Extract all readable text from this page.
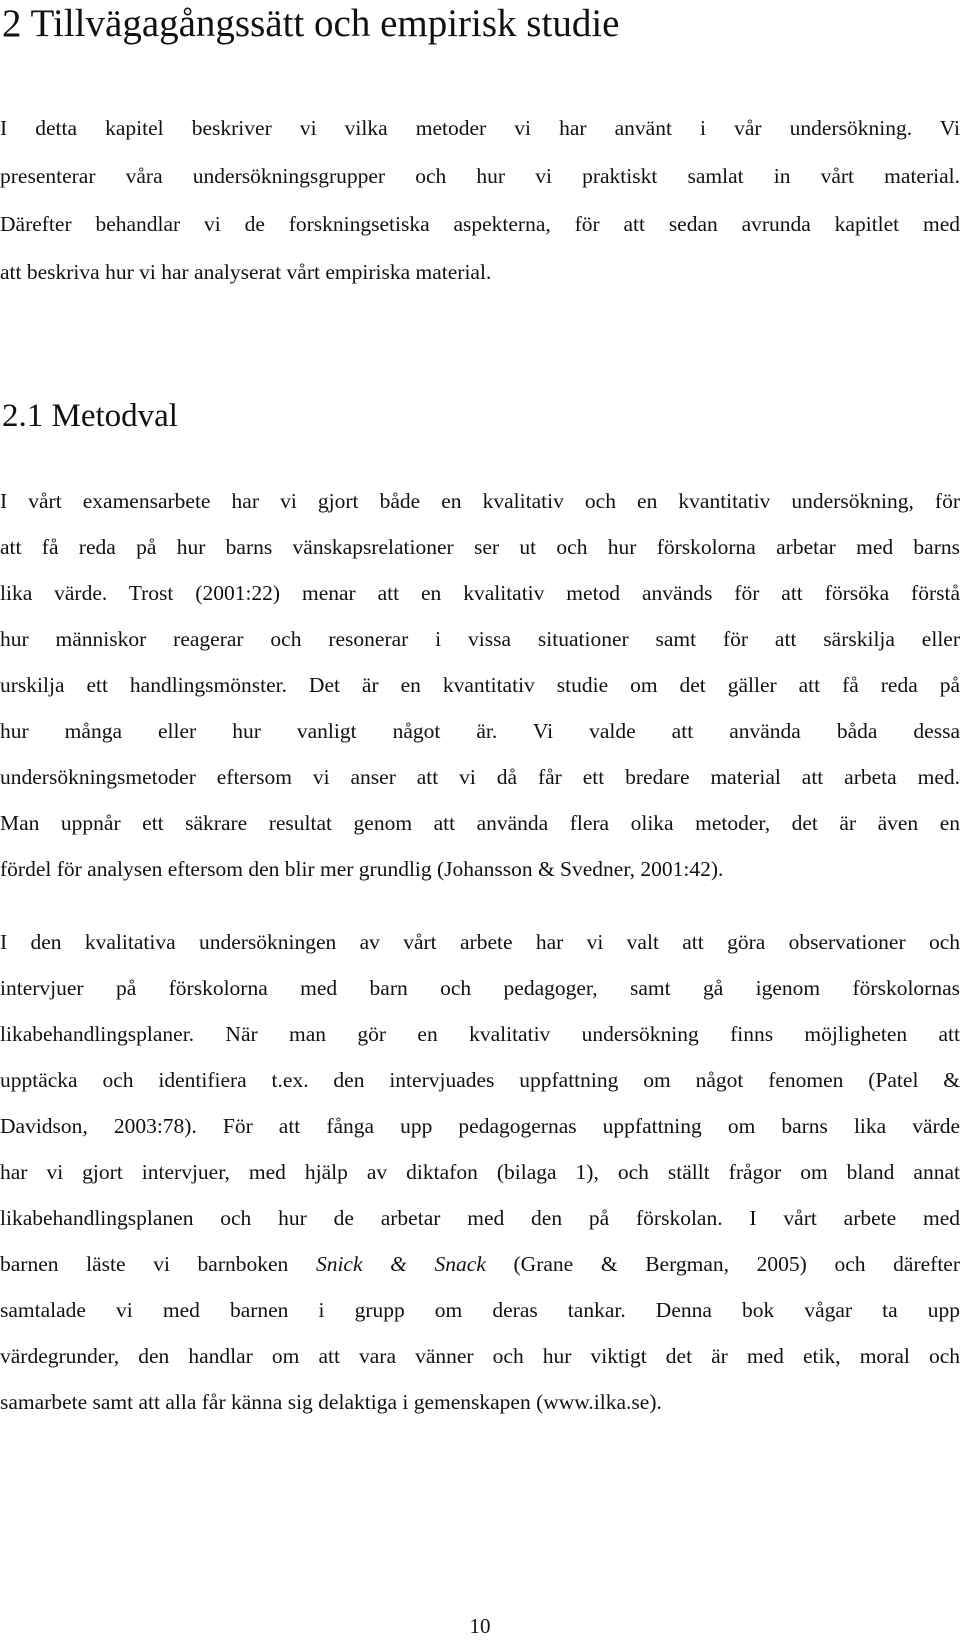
2 Tillvägagångssätt och empirisk studie
I detta kapitel beskriver vi vilka metoder vi har använt i vår undersökning. Vi
presenterar våra undersökningsgrupper och hur vi praktiskt samlat in vårt material.
Därefter behandlar vi de forskningsetiska aspekterna, för att sedan avrunda kapitlet med
att beskriva hur vi har analyserat vårt empiriska material.
2.1 Metodval
I vårt examensarbete har vi gjort både en kvalitativ och en kvantitativ undersökning, för
att få reda på hur barns vänskapsrelationer ser ut och hur förskolorna arbetar med barns
lika värde. Trost (2001:22) menar att en kvalitativ metod används för att försöka förstå
hur människor reagerar och resonerar i vissa situationer samt för att särskilja eller
urskilja ett handlingsmönster. Det är en kvantitativ studie om det gäller att få reda på
hur många eller hur vanligt något är. Vi valde att använda båda dessa
undersökningsmetoder eftersom vi anser att vi då får ett bredare material att arbeta med.
Man uppnår ett säkrare resultat genom att använda flera olika metoder, det är även en
fördel för analysen eftersom den blir mer grundlig (Johansson & Svedner, 2001:42).
I den kvalitativa undersökningen av vårt arbete har vi valt att göra observationer och
intervjuer på förskolorna med barn och pedagoger, samt gå igenom förskolornas
likabehandlingsplaner. När man gör en kvalitativ undersökning finns möjligheten att
upptäcka och identifiera t.ex. den intervjuades uppfattning om något fenomen (Patel &
Davidson, 2003:78). För att fånga upp pedagogernas uppfattning om barns lika värde
har vi gjort intervjuer, med hjälp av diktafon (bilaga 1), och ställt frågor om bland annat
likabehandlingsplanen och hur de arbetar med den på förskolan. I vårt arbete med
barnen läste vi barnboken Snick & Snack (Grane & Bergman, 2005) och därefter
samtalade vi med barnen i grupp om deras tankar. Denna bok vågar ta upp
värdegrunder, den handlar om att vara vänner och hur viktigt det är med etik, moral och
samarbete samt att alla får känna sig delaktiga i gemenskapen (www.ilka.se).
10
